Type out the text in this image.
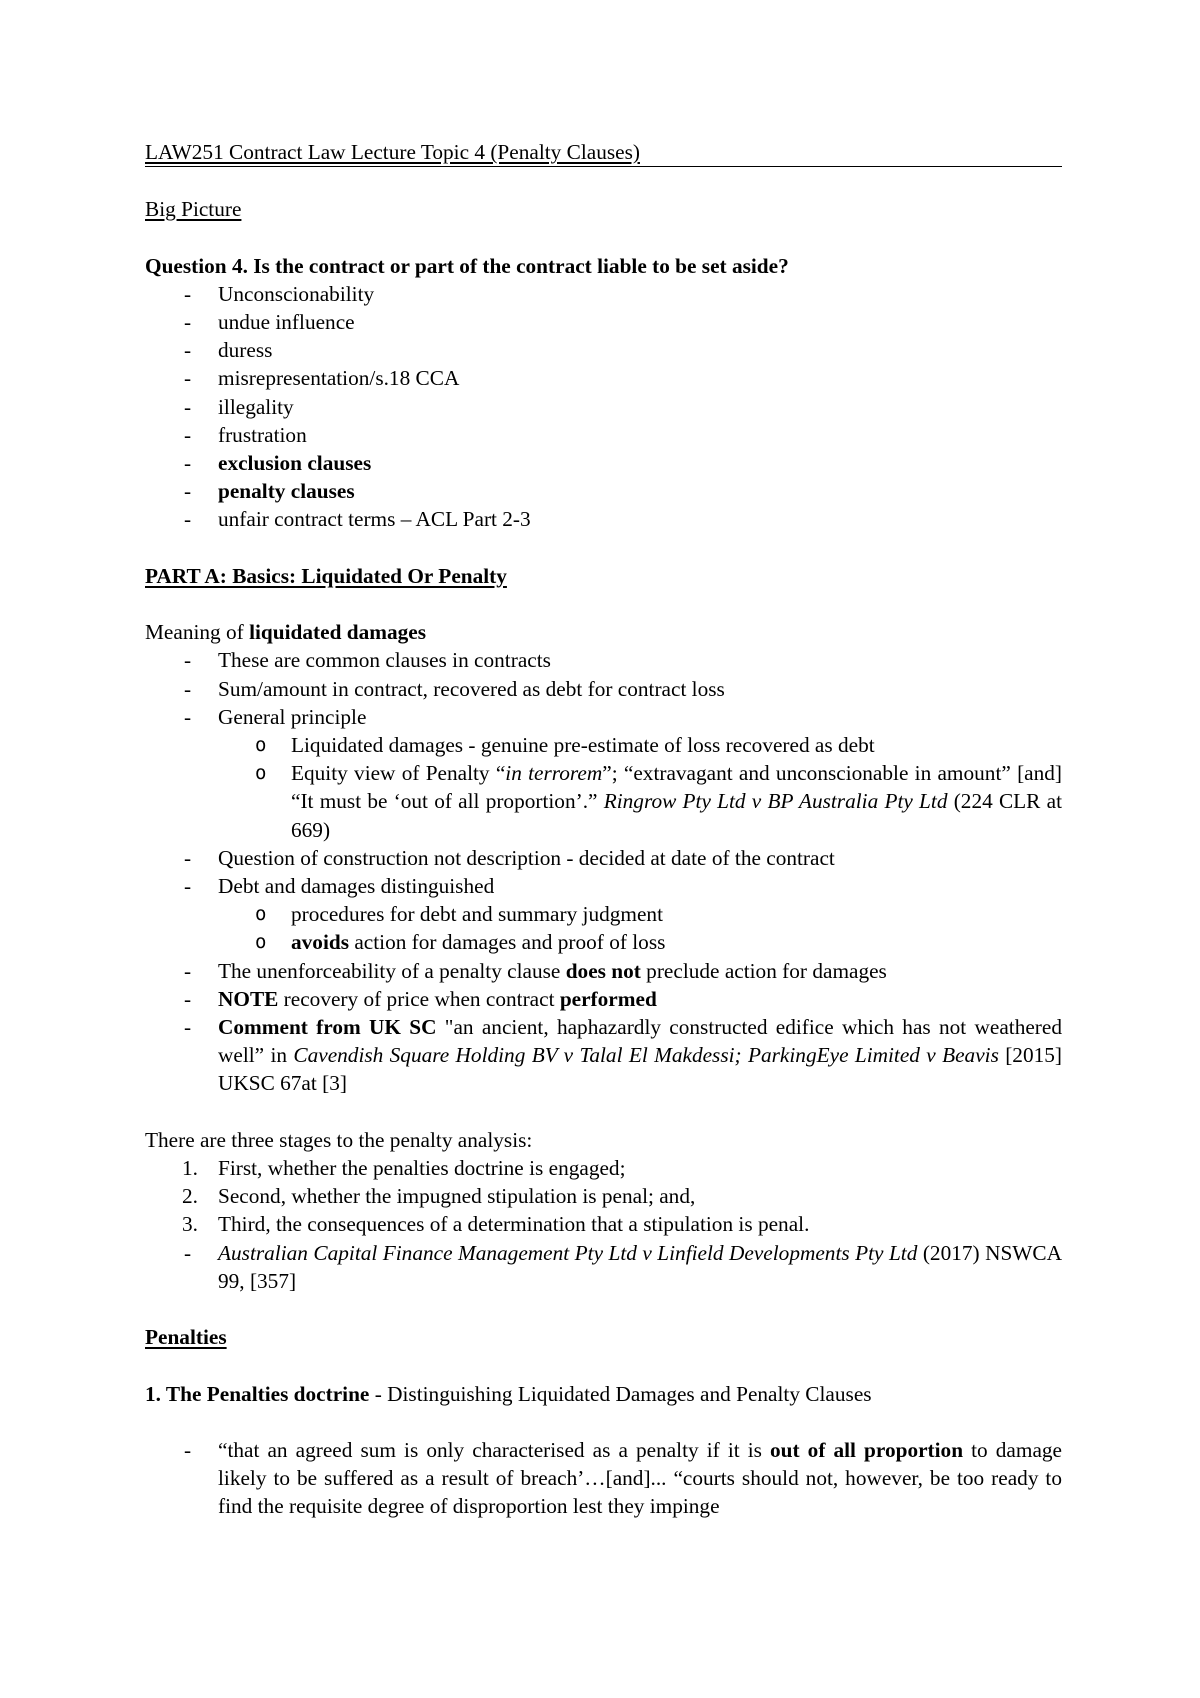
LAW251 Contract Law Lecture Topic 4 (Penalty Clauses)
Big Picture
Question 4. Is the contract or part of the contract liable to be set aside?
-	Unconscionability
-	undue influence
-	duress
-	misrepresentation/s.18 CCA
-	illegality
-	frustration
-	exclusion clauses
-	penalty clauses
-	unfair contract terms – ACL Part 2-3
PART A: Basics: Liquidated Or Penalty
Meaning of liquidated damages
-	These are common clauses in contracts
-	Sum/amount in contract, recovered as debt for contract loss
-	General principle
o	Liquidated damages - genuine pre-estimate of loss recovered as debt
o	Equity view of Penalty “in terrorem”; “extravagant and unconscionable in amount” [and] “It must be ‘out of all proportion’.” Ringrow Pty Ltd v BP Australia Pty Ltd (224 CLR at 669)
-	Question of construction not description - decided at date of the contract
-	Debt and damages distinguished
o	procedures for debt and summary judgment
o	avoids action for damages and proof of loss
-	The unenforceability of a penalty clause does not preclude action for damages
-	NOTE recovery of price when contract performed
-	Comment from UK SC "an ancient, haphazardly constructed edifice which has not weathered well” in Cavendish Square Holding BV v Talal El Makdessi; ParkingEye Limited v Beavis [2015] UKSC 67at [3]
There are three stages to the penalty analysis:
1. First, whether the penalties doctrine is engaged;
2. Second, whether the impugned stipulation is penal; and,
3. Third, the consequences of a determination that a stipulation is penal.
-	Australian Capital Finance Management Pty Ltd v Linfield Developments Pty Ltd (2017) NSWCA 99, [357]
Penalties
1. The Penalties doctrine - Distinguishing Liquidated Damages and Penalty Clauses
-	“that an agreed sum is only characterised as a penalty if it is out of all proportion to damage likely to be suffered as a result of breach’…[and]... “courts should not, however, be too ready to find the requisite degree of disproportion lest they impinge
